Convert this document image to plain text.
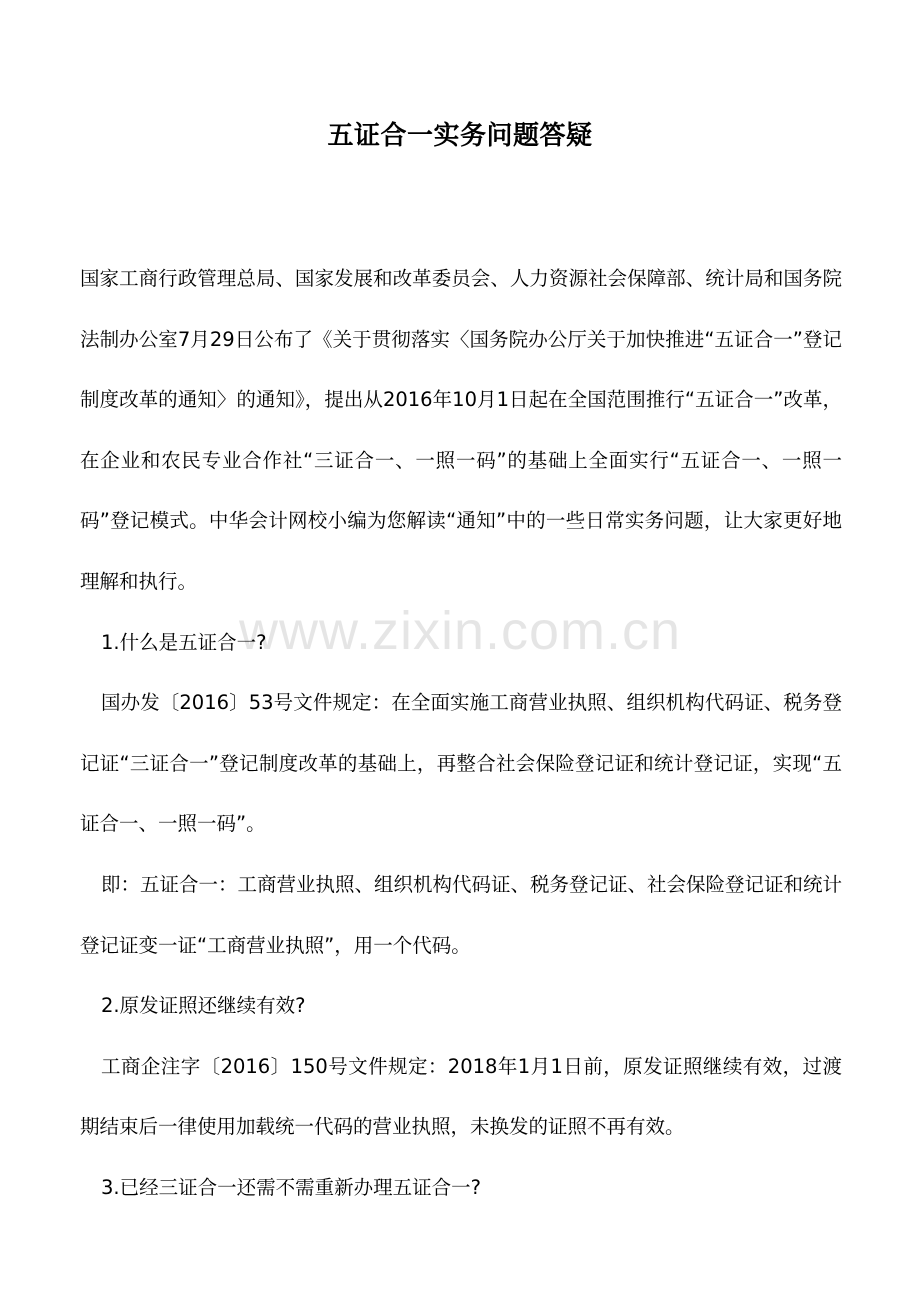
五证合一实务问题答疑

国家工商行政管理总局、国家发展和改革委员会、人力资源社会保障部、统计局和国务院法制办公室7月29日公布了《关于贯彻落实〈国务院办公厅关于加快推进“五证合一”登记制度改革的通知〉的通知》，提出从2016年10月1日起在全国范围推行“五证合一”改革，在企业和农民专业合作社“三证合一、一照一码”的基础上全面实行“五证合一、一照一码”登记模式。中华会计网校小编为您解读“通知”中的一些日常实务问题，让大家更好地理解和执行。

1.什么是五证合一?

国办发〔2016〕53号文件规定：在全面实施工商营业执照、组织机构代码证、税务登记证“三证合一”登记制度改革的基础上，再整合社会保险登记证和统计登记证，实现“五证合一、一照一码”。

即：五证合一：工商营业执照、组织机构代码证、税务登记证、社会保险登记证和统计登记证变一证“工商营业执照”，用一个代码。

2.原发证照还继续有效?

工商企注字〔2016〕150号文件规定：2018年1月1日前，原发证照继续有效，过渡期结束后一律使用加载统一代码的营业执照，未换发的证照不再有效。

3.已经三证合一还需不需重新办理五证合一?

www.zixin.com.cn
